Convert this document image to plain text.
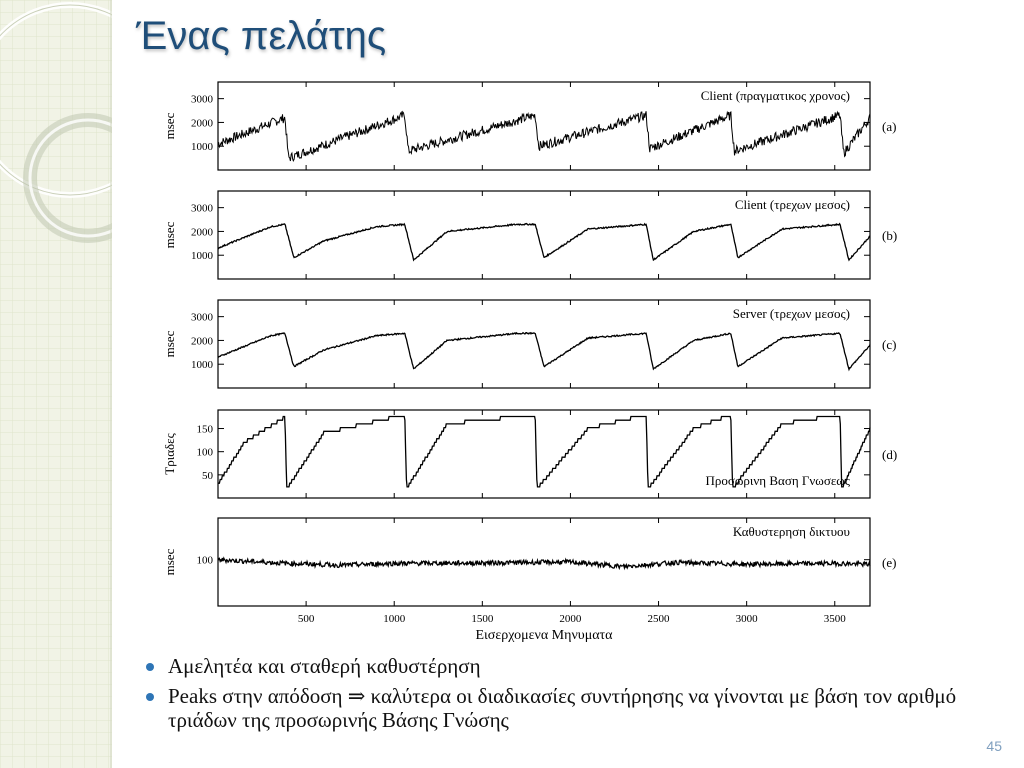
Ένας πελάτης
1000
2000
3000	Client (πραγματικος χρονος)
(a)
msec
1000
2000
3000	Client (τρεχων μεσος)
(b)
msec
1000
2000
3000	Server (τρεχων μεσος)
(c)
msec
50
100
150
Προσωρινη Βαση Γνωσεως
(d)
Τριαδες
100
Καθυστερηση δικτυου
(e)
msec
500	1000	1500	2000	2500	3000	3500
Εισερχομενα Μηνυματα
Αμελητέα και σταθερή καθυστέρηση
Peaks στην απόδοση ⇒ καλύτερα οι διαδικασίες συντήρησης να γίνονται με βάση τον αριθμό τριάδων της προσωρινής Βάσης Γνώσης
45
